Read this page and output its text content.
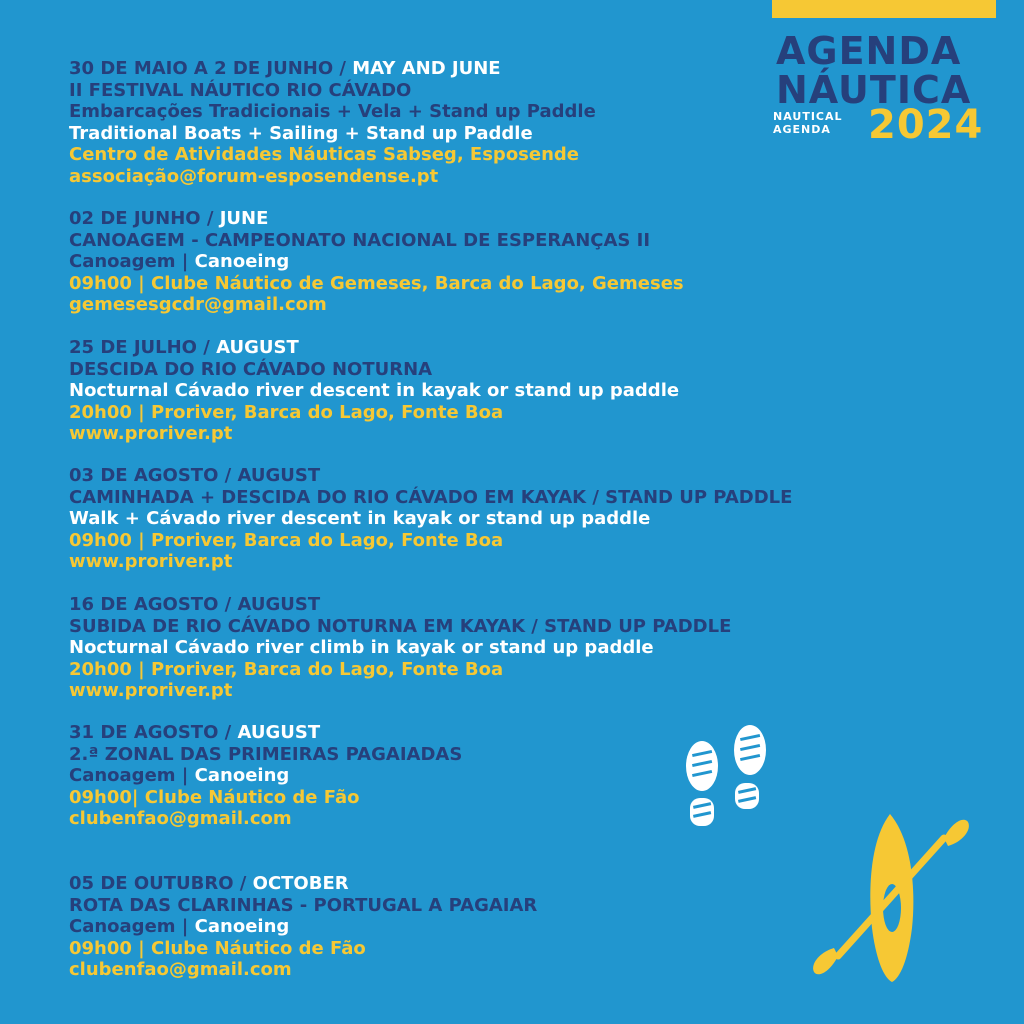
AGENDA
NÁUTICA
NAUTICAL
AGENDA 2024
30 DE MAIO A 2 DE JUNHO / MAY AND JUNE
II FESTIVAL NÁUTICO RIO CÁVADO
Embarcações Tradicionais + Vela + Stand up Paddle
Traditional Boats + Sailing + Stand up Paddle
Centro de Atividades Náuticas Sabseg, Esposende
associação@forum-esposendense.pt
02 DE JUNHO / JUNE
CANOAGEM - CAMPEONATO NACIONAL DE ESPERANÇAS II
Canoagem | Canoeing
09h00 | Clube Náutico de Gemeses, Barca do Lago, Gemeses
gemesesgcdr@gmail.com
25 DE JULHO / AUGUST
DESCIDA DO RIO CÁVADO NOTURNA
Nocturnal Cávado river descent in kayak or stand up paddle
20h00 | Proriver, Barca do Lago, Fonte Boa
www.proriver.pt
03 DE AGOSTO / AUGUST
CAMINHADA + DESCIDA DO RIO CÁVADO EM KAYAK / STAND UP PADDLE
Walk + Cávado river descent in kayak or stand up paddle
09h00 | Proriver, Barca do Lago, Fonte Boa
www.proriver.pt
16 DE AGOSTO / AUGUST
SUBIDA DE RIO CÁVADO NOTURNA EM KAYAK / STAND UP PADDLE
Nocturnal Cávado river climb in kayak or stand up paddle
20h00 | Proriver, Barca do Lago, Fonte Boa
www.proriver.pt
31 DE AGOSTO / AUGUST
2.ª ZONAL DAS PRIMEIRAS PAGAIADAS
Canoagem | Canoeing
09h00| Clube Náutico de Fão
clubenfao@gmail.com
05 DE OUTUBRO / OCTOBER
ROTA DAS CLARINHAS - PORTUGAL A PAGAIAR
Canoagem | Canoeing
09h00 | Clube Náutico de Fão
clubenfao@gmail.com
